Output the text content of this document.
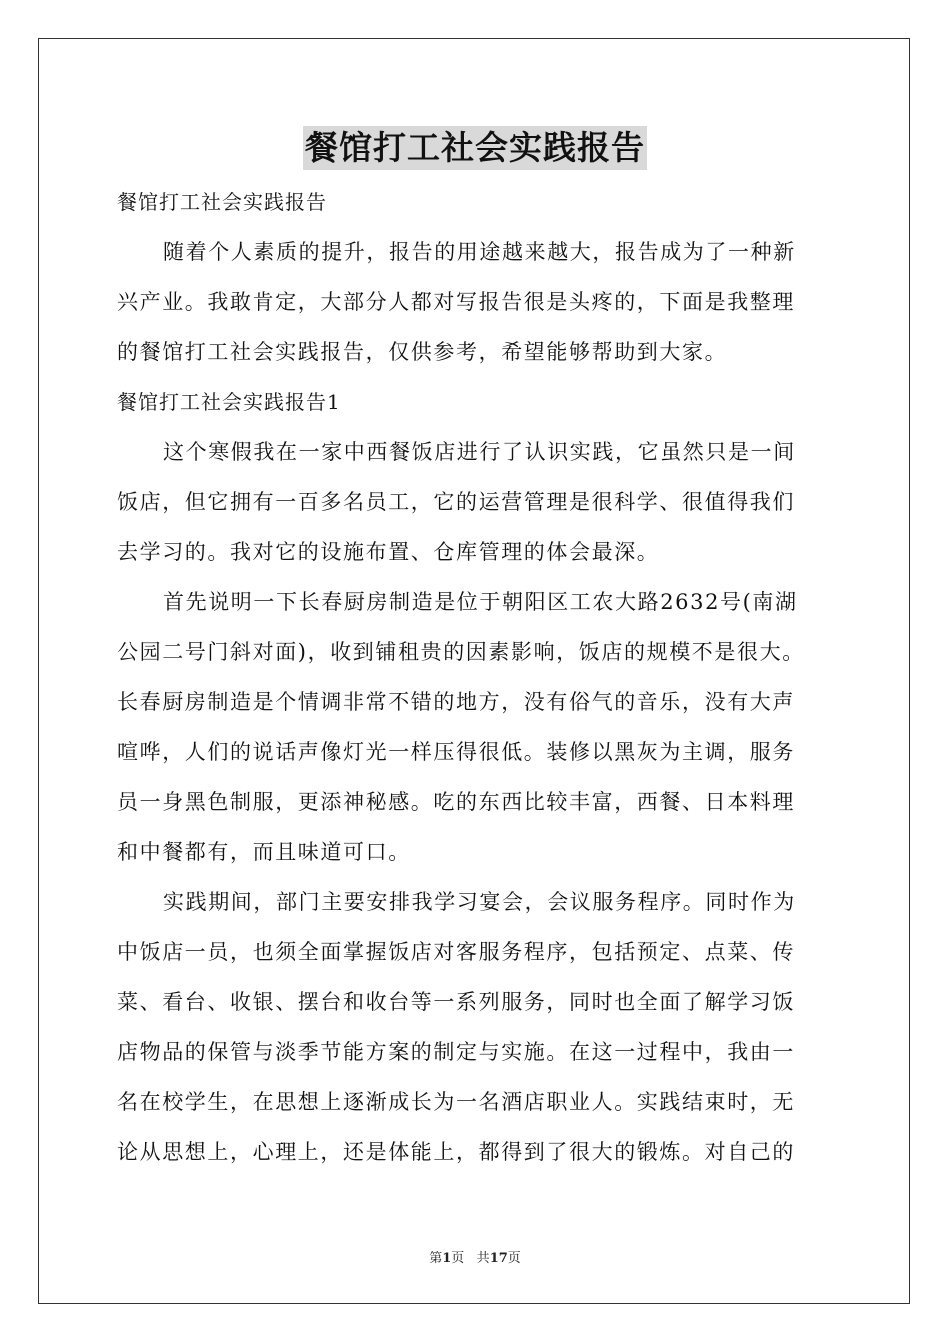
餐馆打工社会实践报告
餐馆打工社会实践报告
随着个人素质的提升，报告的用途越来越大，报告成为了一种新
兴产业。我敢肯定，大部分人都对写报告很是头疼的，下面是我整理
的餐馆打工社会实践报告，仅供参考，希望能够帮助到大家。
餐馆打工社会实践报告1
这个寒假我在一家中西餐饭店进行了认识实践，它虽然只是一间
饭店，但它拥有一百多名员工，它的运营管理是很科学、很值得我们
去学习的。我对它的设施布置、仓库管理的体会最深。
首先说明一下长春厨房制造是位于朝阳区工农大路2632号(南湖
公园二号门斜对面)，收到铺租贵的因素影响，饭店的规模不是很大。
长春厨房制造是个情调非常不错的地方，没有俗气的音乐，没有大声
喧哗，人们的说话声像灯光一样压得很低。装修以黑灰为主调，服务
员一身黑色制服，更添神秘感。吃的东西比较丰富，西餐、日本料理
和中餐都有，而且味道可口。
实践期间，部门主要安排我学习宴会，会议服务程序。同时作为
中饭店一员，也须全面掌握饭店对客服务程序，包括预定、点菜、传
菜、看台、收银、摆台和收台等一系列服务，同时也全面了解学习饭
店物品的保管与淡季节能方案的制定与实施。在这一过程中，我由一
名在校学生，在思想上逐渐成长为一名酒店职业人。实践结束时，无
论从思想上，心理上，还是体能上，都得到了很大的锻炼。对自己的
第1页 共17页
